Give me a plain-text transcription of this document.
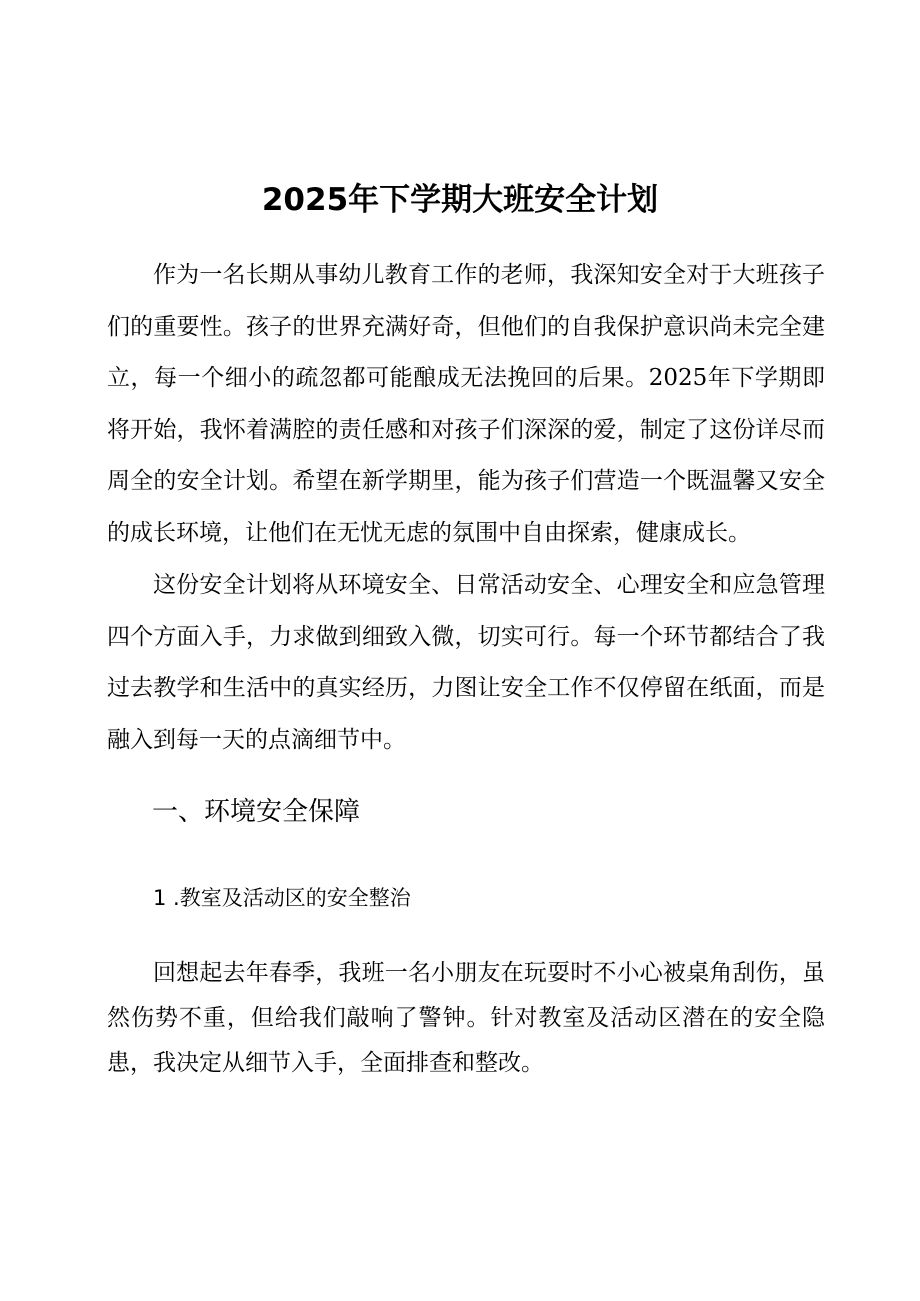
2025年下学期大班安全计划

作为一名长期从事幼儿教育工作的老师，我深知安全对于大班孩子们的重要性。孩子的世界充满好奇，但他们的自我保护意识尚未完全建立，每一个细小的疏忽都可能酿成无法挽回的后果。2025年下学期即将开始，我怀着满腔的责任感和对孩子们深深的爱，制定了这份详尽而周全的安全计划。希望在新学期里，能为孩子们营造一个既温馨又安全的成长环境，让他们在无忧无虑的氛围中自由探索，健康成长。

这份安全计划将从环境安全、日常活动安全、心理安全和应急管理四个方面入手，力求做到细致入微，切实可行。每一个环节都结合了我过去教学和生活中的真实经历，力图让安全工作不仅停留在纸面，而是融入到每一天的点滴细节中。

一、环境安全保障
1 .教室及活动区的安全整治

回想起去年春季，我班一名小朋友在玩耍时不小心被桌角刮伤，虽然伤势不重，但给我们敲响了警钟。针对教室及活动区潜在的安全隐患，我决定从细节入手，全面排查和整改。
